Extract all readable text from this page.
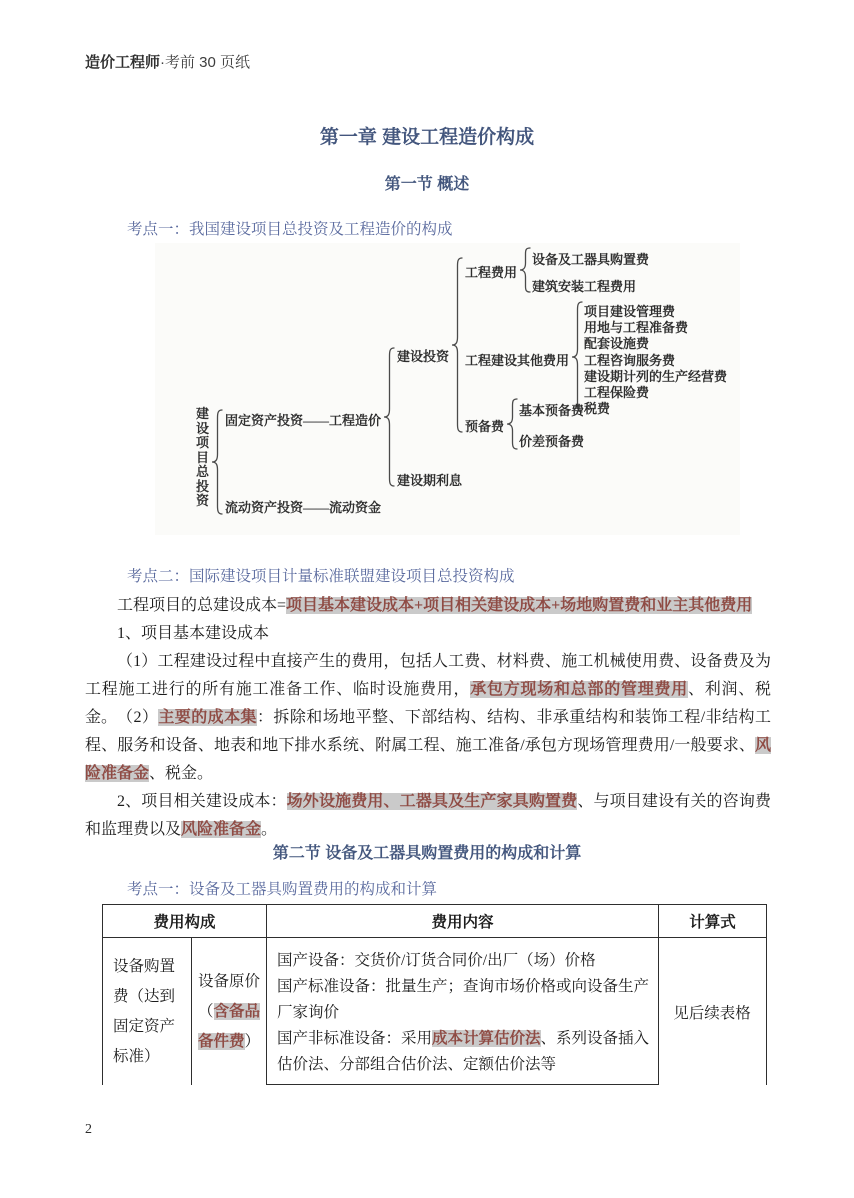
造价工程师·考前 30 页纸
第一章 建设工程造价构成
第一节 概述
考点一：我国建设项目总投资及工程造价的构成
建设项目总投资
固定资产投资——工程造价
流动资产投资——流动资金
建设投资
建设期利息
工程费用
设备及工器具购置费
建筑安装工程费用
工程建设其他费用
项目建设管理费
用地与工程准备费
配套设施费
工程咨询服务费
建设期计列的生产经营费
工程保险费
税费
预备费
基本预备费
价差预备费
考点二：国际建设项目计量标准联盟建设项目总投资构成
工程项目的总建设成本=项目基本建设成本+项目相关建设成本+场地购置费和业主其他费用
1、项目基本建设成本
（1）工程建设过程中直接产生的费用，包括人工费、材料费、施工机械使用费、设备费及为工程施工进行的所有施工准备工作、临时设施费用，承包方现场和总部的管理费用、利润、税金。 （2）主要的成本集：拆除和场地平整、下部结构、结构、非承重结构和装饰工程/非结构工程、服务和设备、地表和地下排水系统、附属工程、施工准备/承包方现场管理费用/一般要求、风险准备金、税金。
2、项目相关建设成本：场外设施费用、工器具及生产家具购置费、与项目建设有关的咨询费和监理费以及风险准备金。
第二节 设备及工器具购置费用的构成和计算
考点一：设备及工器具购置费用的构成和计算
费用构成	费用内容	计算式
设备购置费（达到固定资产标准）
设备原价（含备品备件费）
国产设备：交货价/订货合同价/出厂（场）价格
国产标准设备：批量生产；查询市场价格或向设备生产厂家询价
国产非标准设备：采用成本计算估价法、系列设备插入估价法、分部组合估价法、定额估价法等
见后续表格
2
